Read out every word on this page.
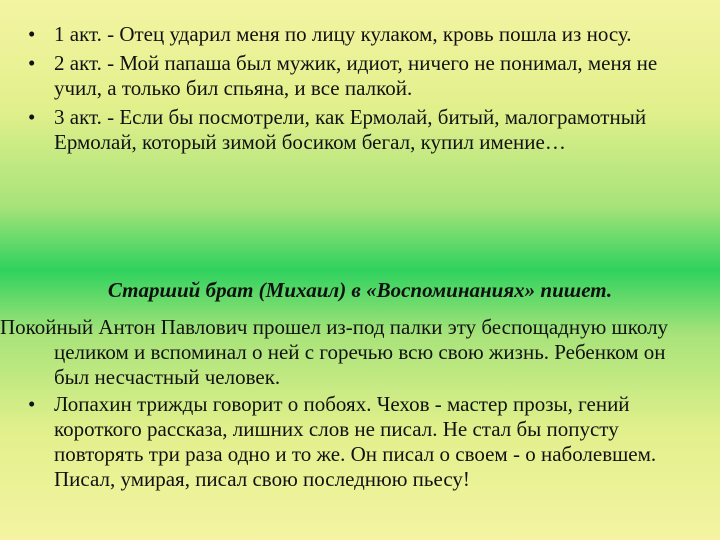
• 1 акт. - Отец ударил меня по лицу кулаком, кровь пошла из носу.
• 2 акт. - Мой папаша был мужик, идиот, ничего не понимал, меня не учил, а только бил спьяна, и все палкой.
• 3 акт. - Если бы посмотрели, как Ермолай, битый, малограмотный Ермолай, который зимой босиком бегал, купил имение…
Старший брат (Михаил) в «Воспоминаниях» пишет.
Покойный Антон Павлович прошел из-под палки эту беспощадную школу целиком и вспоминал о ней с горечью всю свою жизнь. Ребенком он был несчастный человек.
• Лопахин трижды говорит о побоях. Чехов - мастер прозы, гений короткого рассказа, лишних слов не писал. Не стал бы попусту повторять три раза одно и то же. Он писал о своем - о наболевшем. Писал, умирая, писал свою последнюю пьесу!
